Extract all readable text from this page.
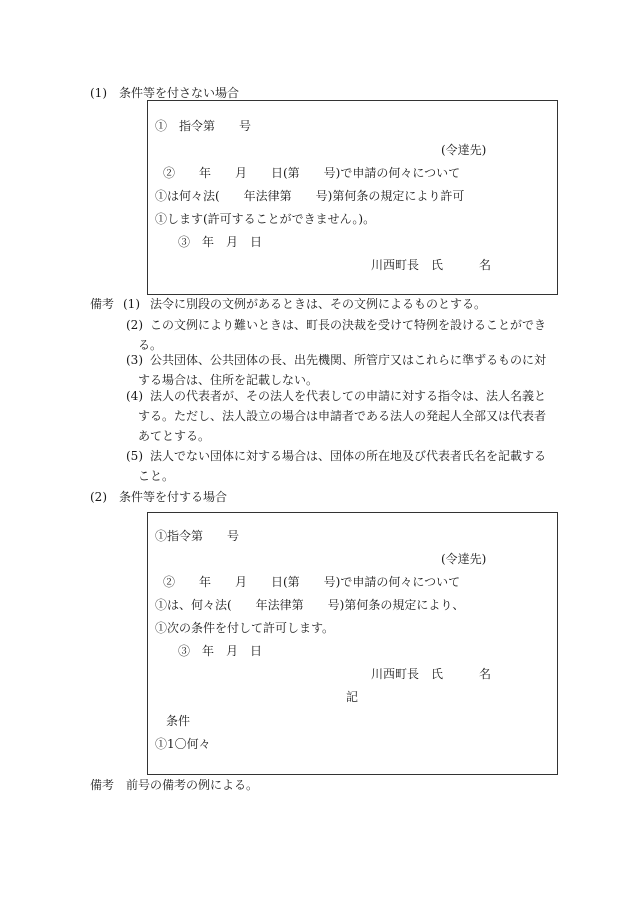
(1)　条件等を付さない場合
①　指令第　　号
(令達先)
②　　年　　月　　日(第　　号)で申請の何々について
①は何々法(　　年法律第　　号)第何条の規定により許可
①します(許可することができません。)。
③　年　月　日
川西町長　氏　　　名
備考 (1) 法令に別段の文例があるときは、その文例によるものとする。
(2) この文例により難いときは、町長の決裁を受けて特例を設けることができる。
(3) 公共団体、公共団体の長、出先機関、所管庁又はこれらに準ずるものに対する場合は、住所を記載しない。
(4) 法人の代表者が、その法人を代表しての申請に対する指令は、法人名義とする。ただし、法人設立の場合は申請者である法人の発起人全部又は代表者あてとする。
(5) 法人でない団体に対する場合は、団体の所在地及び代表者氏名を記載すること。
(2)　条件等を付する場合
①指令第　　号
(令達先)
②　　年　　月　　日(第　　号)で申請の何々について
①は、何々法(　　年法律第　　号)第何条の規定により、
①次の条件を付して許可します。
③　年　月　日
川西町長　氏　　　名
記
条件
①1〇何々
備考 前号の備考の例による。
